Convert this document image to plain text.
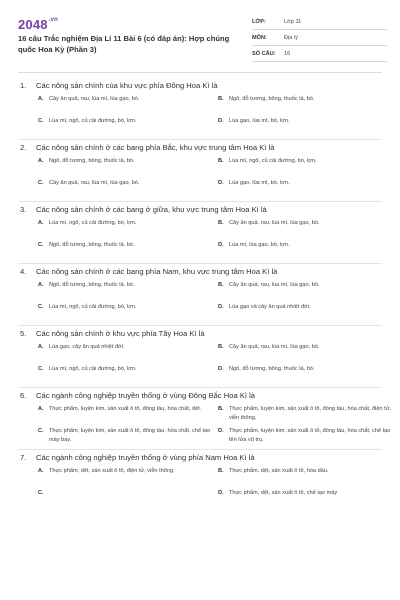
$2048^{.vn}$
16 câu Trắc nghiệm Địa Lí 11 Bài 6 (có đáp án): Hợp chúng quốc Hoa Kỳ (Phần 3)
LỚP:	Lớp 11
MÔN:	Địa lý
SỐ CÂU: 16
1.	Các nông sản chính của khu vực phía Đông Hoa Kì là
A. Cây ăn quả, rau, lúa mì, lúa gạo, bò.	B. Ngô, đỗ tương, bông, thuốc lá, bò.
C. Lúa mì, ngô, củ cải đường, bò, lợn.	D. Lúa gạo, lúa mì, bò, lợn.
2.	Các nông sản chính ở các bang phía Bắc, khu vực trung tâm Hoa Kì là
A. Ngô, đỗ tương, bông, thuốc lá, bò.	B. Lúa mì, ngô, củ cải đường, bò, lợn.
C. Cây ăn quả, rau, lúa mì, lúa gạo, bò.	D. Lúa gạo, lúa mì, bò, lợn.
3.	Các nông sản chính ở các bang ở giữa, khu vực trung tâm Hoa Kì là
A. Lúa mì, ngô, củ cải đường, bò, lợn.	B. Cây ăn quả, rau, lúa mì, lúa gạo, bò.
C. Ngô, đỗ tương, bông, thuốc lá, bò.	D. Lúa mì, lúa gạo, bò, lợn.
4.	Các nông sản chính ở các bang phía Nam, khu vực trung tâm Hoa Kì là
A. Ngô, đỗ tương, bông, thuốc lá, bò.	B. Cây ăn quả, rau, lúa mì, lúa gạo, bò.
C. Lúa mì, ngô, củ cải đường, bò, lợn.	D. Lúa gạo và cây ăn quả nhiệt đới.
5.	Các nông sản chính ở khu vực phía Tây Hoa Kì là
A. Lúa gạo, cây ăn quả nhiệt đới.	B. Cây ăn quả, rau, lúa mì, lúa gạo, bò.
C. Lúa mì, ngô, củ cải đường, bò, lợn.	D. Ngô, đỗ tương, bông, thuốc lá, bò.
6.	Các ngành công nghiệp truyền thống ở vùng Đông Bắc Hoa Kì là
A. Thực phẩm, luyện kim, sản xuất ô tô, đóng tàu, hóa chất, dệt.	B. Thực phẩm, luyện kim, sản xuất ô tô, đóng tàu, hóa chất, điện tử, viễn thông.
C. Thực phẩm, luyện kim, sản xuất ô tô, đóng tàu, hóa chất, chế tạo máy bay.
D. Thực phẩm, luyện kim, sản xuất ô tô, đóng tàu, hóa chất, chế tạo tên lửa vũ trụ.
7.	Các ngành công nghiệp truyền thống ở vùng phía Nam Hoa Kì là
A. Thực phẩm, dệt, sản xuất ô tô, điện tử, viễn thông.	B. Thực phẩm, dệt, sản xuất ô tô, hóa dầu.
C.	D. Thực phẩm, dệt, sản xuất ô tô, chế tạo máy
